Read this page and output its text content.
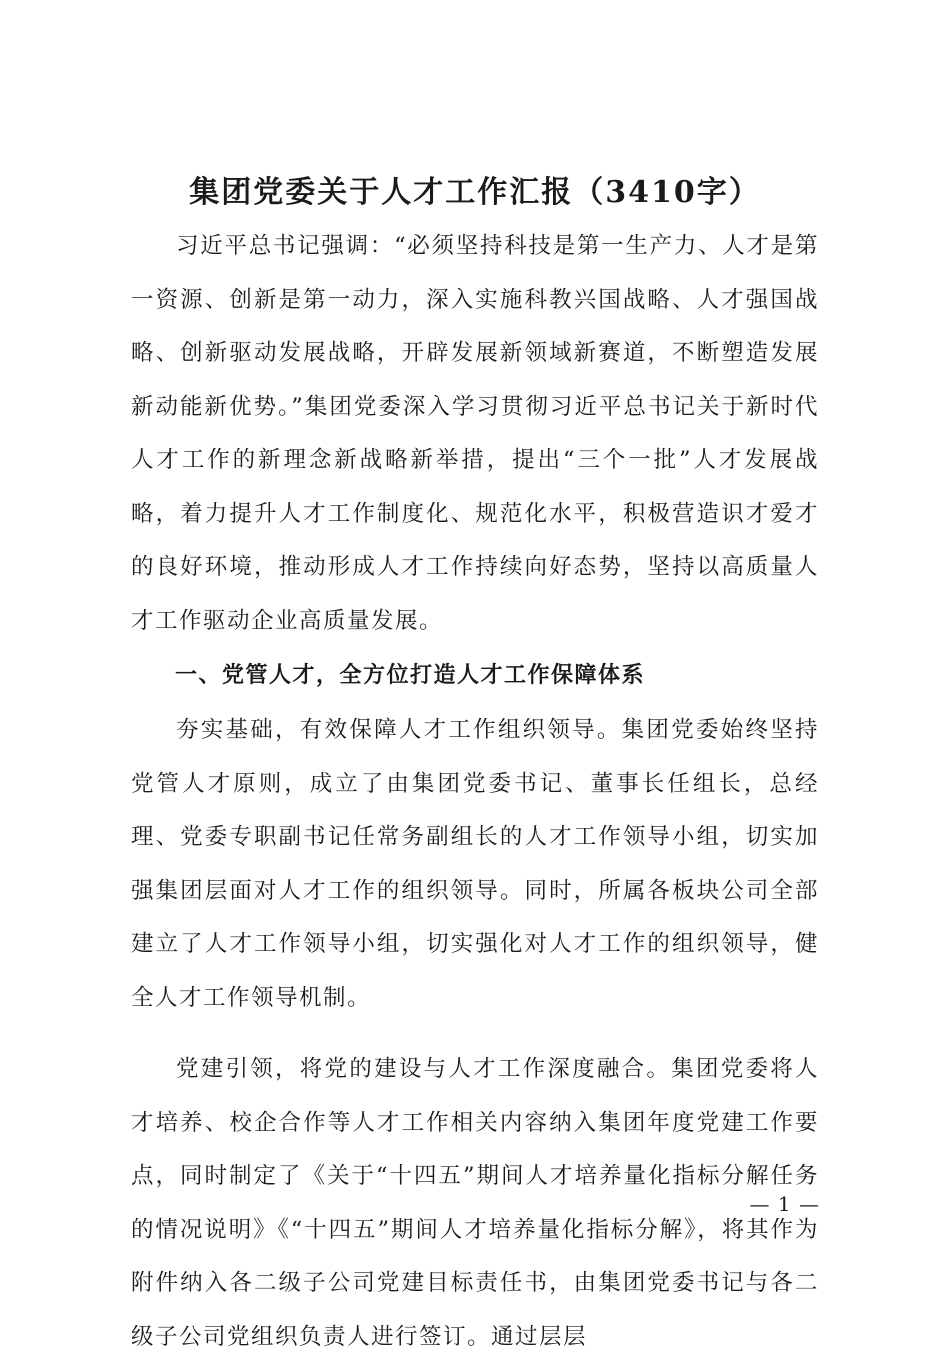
集团党委关于人才工作汇报（3410字）

习近平总书记强调：“必须坚持科技是第一生产力、人才是第一资源、创新是第一动力，深入实施科教兴国战略、人才强国战略、创新驱动发展战略，开辟发展新领域新赛道，不断塑造发展新动能新优势。”集团党委深入学习贯彻习近平总书记关于新时代人才工作的新理念新战略新举措，提出“三个一批”人才发展战略，着力提升人才工作制度化、规范化水平，积极营造识才爱才的良好环境，推动形成人才工作持续向好态势，坚持以高质量人才工作驱动企业高质量发展。

一、党管人才，全方位打造人才工作保障体系

夯实基础，有效保障人才工作组织领导。集团党委始终坚持党管人才原则，成立了由集团党委书记、董事长任组长，总经理、党委专职副书记任常务副组长的人才工作领导小组，切实加强集团层面对人才工作的组织领导。同时，所属各板块公司全部建立了人才工作领导小组，切实强化对人才工作的组织领导，健全人才工作领导机制。

党建引领，将党的建设与人才工作深度融合。集团党委将人才培养、校企合作等人才工作相关内容纳入集团年度党建工作要点，同时制定了《关于“十四五”期间人才培养量化指标分解任务的情况说明》《“十四五”期间人才培养量化指标分解》，将其作为附件纳入各二级子公司党建目标责任书，由集团党委书记与各二级子公司党组织负责人进行签订。通过层层

— 1 —
